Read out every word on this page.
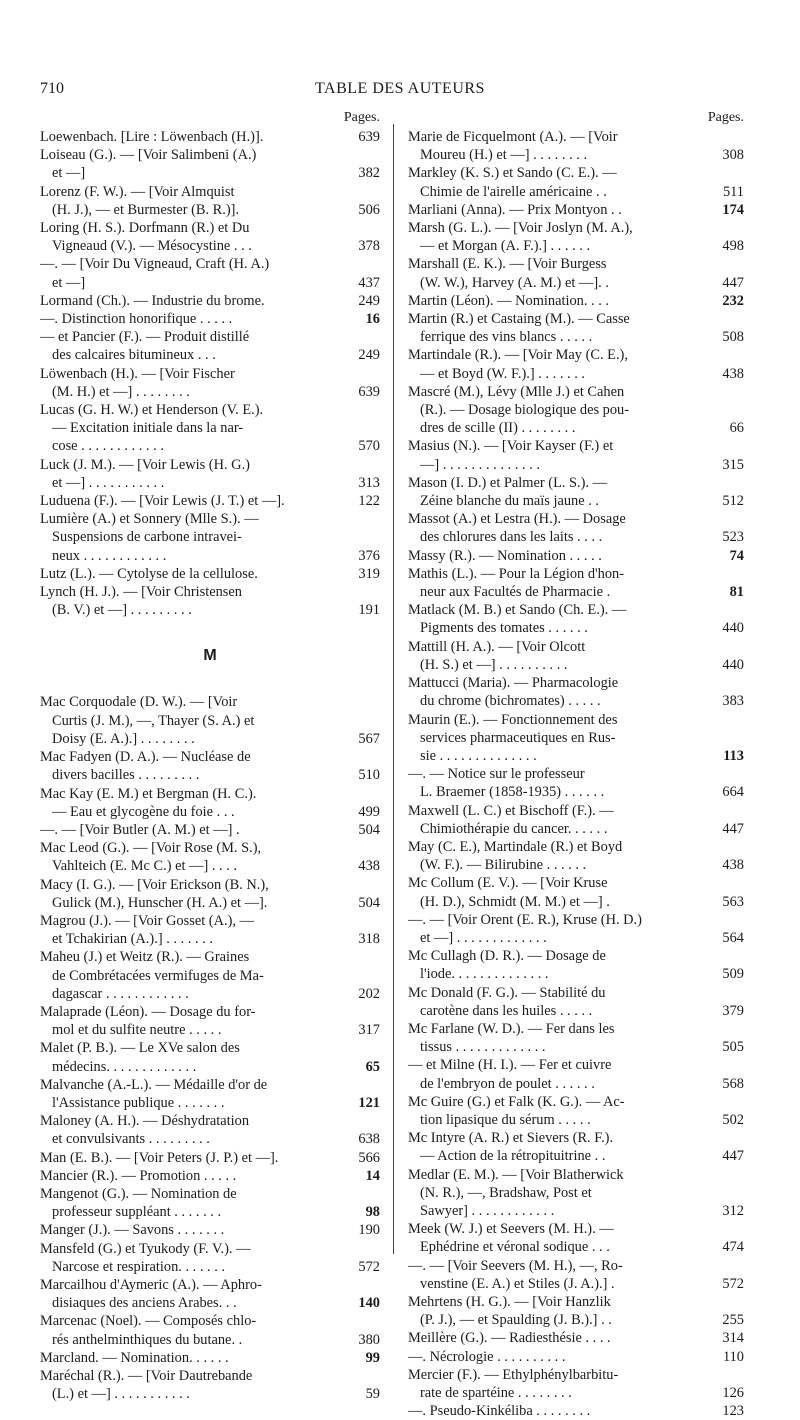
710	TABLE DES AUTEURS
Pages.
Loewenbach. [Lire : Löwenbach (H.)].	639
Loiseau (G.). — [Voir Salimbeni (A.)
et —]	382
Lorenz (F. W.). — [Voir Almquist
(H. J.), — et Burmester (B. R.)].	506
Loring (H. S.). Dorfmann (R.) et Du
Vigneaud (V.). — Mésocystine . . .	378
—. — [Voir Du Vigneaud, Craft (H. A.)
et —]	437
Lormand (Ch.). — Industrie du brome.	249
—. Distinction honorifique . . . . .	16
— et Pancier (F.). — Produit distillé
des calcaires bitumineux . . .	249
Löwenbach (H.). — [Voir Fischer
(M. H.) et —] . . . . . . . .	639
Lucas (G. H. W.) et Henderson (V. E.).
— Excitation initiale dans la nar-
cose . . . . . . . . . . . .	570
Luck (J. M.). — [Voir Lewis (H. G.)
et —] . . . . . . . . . . .	313
Luduena (F.). — [Voir Lewis (J. T.) et —].	122
Lumière (A.) et Sonnery (Mlle S.). —
Suspensions de carbone intravei-
neux . . . . . . . . . . . .	376
Lutz (L.). — Cytolyse de la cellulose.	319
Lynch (H. J.). — [Voir Christensen
(B. V.) et —] . . . . . . . . .	191
M
Mac Corquodale (D. W.). — [Voir
Curtis (J. M.), —, Thayer (S. A.) et
Doisy (E. A.).] . . . . . . . .	567
Mac Fadyen (D. A.). — Nucléase de
divers bacilles . . . . . . . . .	510
Mac Kay (E. M.) et Bergman (H. C.).
— Eau et glycogène du foie . . .	499
—. — [Voir Butler (A. M.) et —] .	504
Mac Leod (G.). — [Voir Rose (M. S.),
Vahlteich (E. Mc C.) et —] . . . .	438
Macy (I. G.). — [Voir Erickson (B. N.),
Gulick (M.), Hunscher (H. A.) et —].	504
Magrou (J.). — [Voir Gosset (A.), —
et Tchakirian (A.).] . . . . . . .	318
Maheu (J.) et Weitz (R.). — Graines
de Combrétacées vermifuges de Ma-
dagascar . . . . . . . . . . . .	202
Malaprade (Léon). — Dosage du for-
mol et du sulfite neutre . . . . .	317
Malet (P. B.). — Le XVe salon des
médecins. . . . . . . . . . . . .	65
Malvanche (A.-L.). — Médaille d'or de
l'Assistance publique . . . . . . .	121
Maloney (A. H.). — Déshydratation
et convulsivants . . . . . . . . .	638
Man (E. B.). — [Voir Peters (J. P.) et —].	566
Mancier (R.). — Promotion . . . . .	14
Mangenot (G.). — Nomination de
professeur suppléant . . . . . . .	98
Manger (J.). — Savons . . . . . . .	190
Mansfeld (G.) et Tyukody (F. V.). —
Narcose et respiration. . . . . . .	572
Marcailhou d'Aymeric (A.). — Aphro-
disiaques des anciens Arabes. . .	140
Marcenac (Noel). — Composés chlo-
rés anthelminthiques du butane. .	380
Marcland. — Nomination. . . . . .	99
Maréchal (R.). — [Voir Dautrebande
(L.) et —] . . . . . . . . . . .	59
Pages.
Marie de Ficquelmont (A.). — [Voir
Moureu (H.) et —] . . . . . . . .	308
Markley (K. S.) et Sando (C. E.). —
Chimie de l'airelle américaine . .	511
Marliani (Anna). — Prix Montyon . .	174
Marsh (G. L.). — [Voir Joslyn (M. A.),
— et Morgan (A. F.).] . . . . . .	498
Marshall (E. K.). — [Voir Burgess
(W. W.), Harvey (A. M.) et —]. .	447
Martin (Léon). — Nomination. . . .	232
Martin (R.) et Castaing (M.). — Casse
ferrique des vins blancs . . . . .	508
Martindale (R.). — [Voir May (C. E.),
— et Boyd (W. F.).] . . . . . . .	438
Mascré (M.), Lévy (Mlle J.) et Cahen
(R.). — Dosage biologique des pou-
dres de scille (II) . . . . . . . .	66
Masius (N.). — [Voir Kayser (F.) et
—] . . . . . . . . . . . . . .	315
Mason (I. D.) et Palmer (L. S.). —
Zéine blanche du maïs jaune . .	512
Massot (A.) et Lestra (H.). — Dosage
des chlorures dans les laits . . . .	523
Massy (R.). — Nomination . . . . .	74
Mathis (L.). — Pour la Légion d'hon-
neur aux Facultés de Pharmacie .	81
Matlack (M. B.) et Sando (Ch. E.). —
Pigments des tomates . . . . . .	440
Mattill (H. A.). — [Voir Olcott
(H. S.) et —] . . . . . . . . . .	440
Mattucci (Maria). — Pharmacologie
du chrome (bichromates) . . . . .	383
Maurin (E.). — Fonctionnement des
services pharmaceutiques en Rus-
sie . . . . . . . . . . . . . .	113
—. — Notice sur le professeur
L. Braemer (1858-1935) . . . . . .	664
Maxwell (L. C.) et Bischoff (F.). —
Chimiothérapie du cancer. . . . . .	447
May (C. E.), Martindale (R.) et Boyd
(W. F.). — Bilirubine . . . . . .	438
Mc Collum (E. V.). — [Voir Kruse
(H. D.), Schmidt (M. M.) et —] .	563
—. — [Voir Orent (E. R.), Kruse (H. D.)
et —] . . . . . . . . . . . . .	564
Mc Cullagh (D. R.). — Dosage de
l'iode. . . . . . . . . . . . . .	509
Mc Donald (F. G.). — Stabilité du
carotène dans les huiles . . . . .	379
Mc Farlane (W. D.). — Fer dans les
tissus . . . . . . . . . . . . .	505
— et Milne (H. I.). — Fer et cuivre
de l'embryon de poulet . . . . . .	568
Mc Guire (G.) et Falk (K. G.). — Ac-
tion lipasique du sérum . . . . .	502
Mc Intyre (A. R.) et Sievers (R. F.).
— Action de la rétropituitrine . .	447
Medlar (E. M.). — [Voir Blatherwick
(N. R.), —, Bradshaw, Post et
Sawyer] . . . . . . . . . . . .	312
Meek (W. J.) et Seevers (M. H.). —
Ephédrine et véronal sodique . . .	474
—. — [Voir Seevers (M. H.), —, Ro-
venstine (E. A.) et Stiles (J. A.).] .	572
Mehrtens (H. G.). — [Voir Hanzlik
(P. J.), — et Spaulding (J. B.).] . .	255
Meillère (G.). — Radiesthésie . . . .	314
—. Nécrologie . . . . . . . . . .	110
Mercier (F.). — Ethylphénylbarbitu-
rate de spartéine . . . . . . . .	126
—. Pseudo-Kinkéliba . . . . . . . .	123
